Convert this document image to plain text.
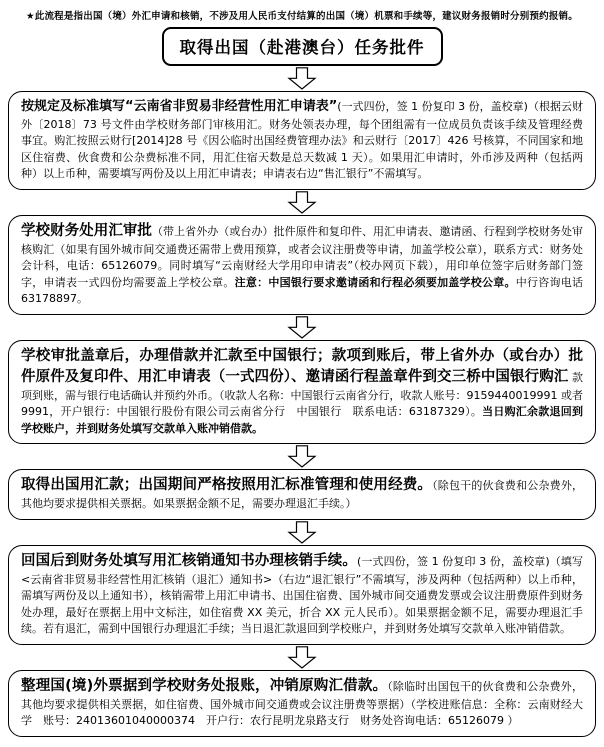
★此流程是指出国（境）外汇申请和核销，不涉及用人民币支付结算的出国（境）机票和手续等，建议财务报销时分别预约报销。
取得出国（赴港澳台）任务批件
按规定及标准填写“云南省非贸易非经营性用汇申请表”(一式四份，签 1 份复印 3 份，盖校章)（根据云财外〔2018〕73 号文件由学校财务部门审核用汇。财务处领表办理，每个团组需有一位成员负责该手续及管理经费事宜。购汇按照云财行[2014]28 号《因公临时出国经费管理办法》和云财行〔2017〕426 号核算，不同国家和地区住宿费、伙食费和公杂费标准不同，用汇住宿天数是总天数减 1 天）。如果用汇申请时，外币涉及两种（包括两种）以上币种，需要填写两份及以上用汇申请表；申请表右边“售汇银行”不需填写。
学校财务处用汇审批（带上省外办（或台办）批件原件和复印件、用汇申请表、邀请函、行程到学校财务处审核购汇（如果有国外城市间交通费还需带上费用预算，或者会议注册费等申请，加盖学校公章），联系方式：财务处会计科，电话：65126079。同时填写“云南财经大学用印申请表”（校办网页下载），用印单位签字后财务部门签字，申请表一式四份均需要盖上学校公章。注意：中国银行要求邀请函和行程必须要加盖学校公章。中行咨询电话 63178897。
学校审批盖章后，办理借款并汇款至中国银行；款项到账后，带上省外办（或台办）批件原件及复印件、用汇申请表（一式四份）、邀请函行程盖章件到交三桥中国银行购汇 款项到账，需与银行电话确认并预约外币。（收款人名称：中国银行云南省分行，收款人账号：9159440019991 或者 9991，开户银行：中国银行股份有限公司云南省分行　中国银行　联系电话：63187329）。当日购汇余款退回到学校账户，并到财务处填写交款单入账冲销借款。
取得出国用汇款；出国期间严格按照用汇标准管理和使用经费。（除包干的伙食费和公杂费外，其他均要求提供相关票据。如果票据金额不足，需要办理退汇手续。）
回国后到财务处填写用汇核销通知书办理核销手续。(一式四份，签 1 份复印 3 份，盖校章)（填写<云南省非贸易非经营性用汇核销（退汇）通知书>（右边“退汇银行”不需填写，涉及两种（包括两种）以上币种，需填写两份及以上通知书），核销需带上用汇申请书、出国住宿费、国外城市间交通费发票或会议注册费原件到财务处办理，最好在票据上用中文标注，如住宿费 XX 美元，折合 XX 元人民币）。如果票据金额不足，需要办理退汇手续。若有退汇，需到中国银行办理退汇手续；当日退汇款退回到学校账户，并到财务处填写交款单入账冲销借款。
整理国(境)外票据到学校财务处报账，冲销原购汇借款。（除临时出国包干的伙食费和公杂费外，其他均要求提供相关票据，如住宿费、国外城市间交通费或会议注册费等票据）（学校进账信息：全称：云南财经大学　账号：24013601040000374　开户行：农行昆明龙泉路支行　财务处咨询电话：65126079 ）
